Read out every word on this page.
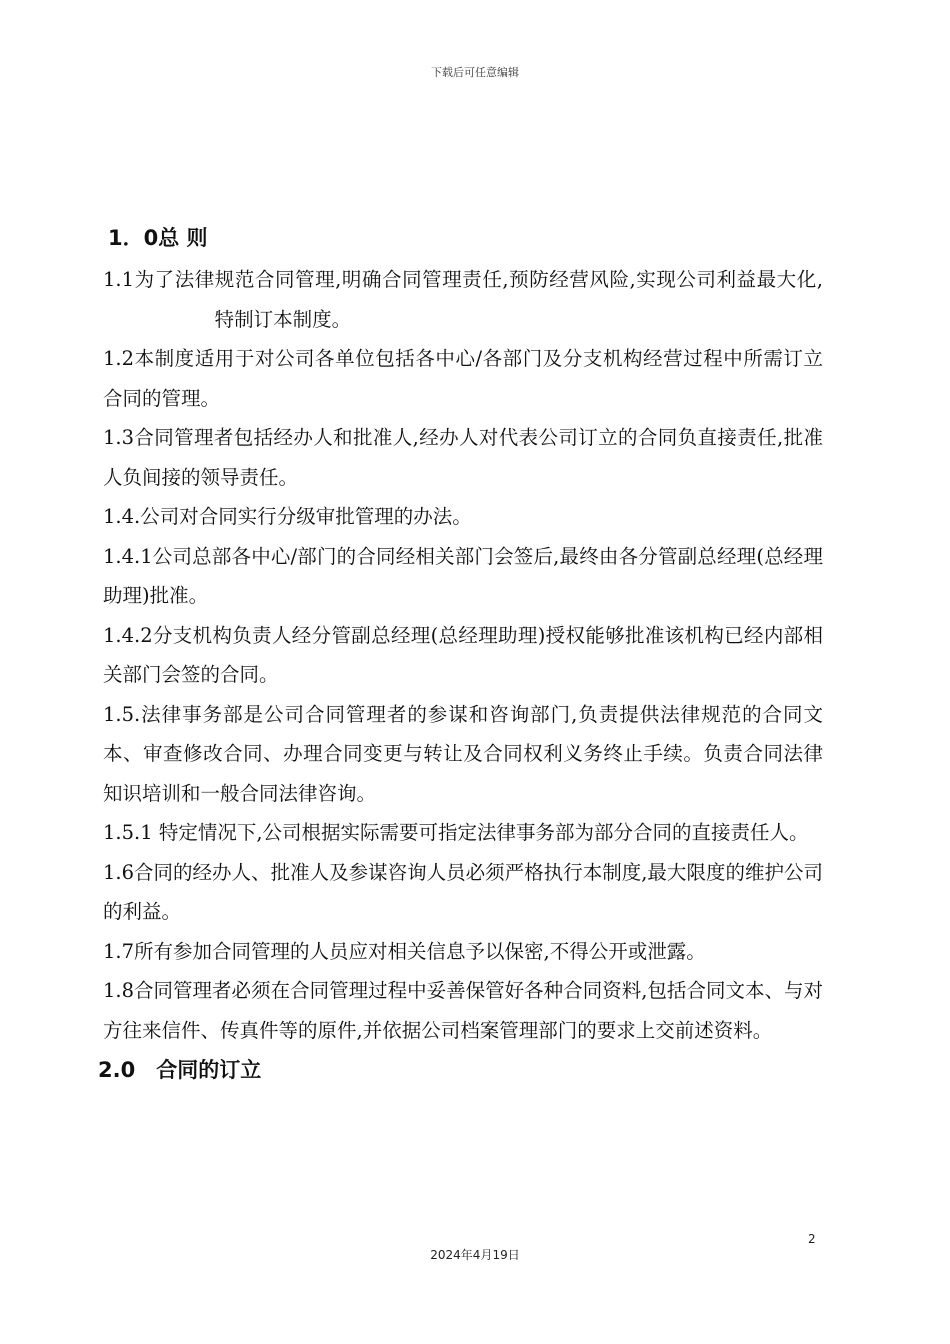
下载后可任意编辑
1．0总 则
1.1为了法律规范合同管理,明确合同管理责任,预防经营风险,实现公司利益最大化,                  特制订本制度。
1.2本制度适用于对公司各单位包括各中心/各部门及分支机构经营过程中所需订立合同的管理。
1.3合同管理者包括经办人和批准人,经办人对代表公司订立的合同负直接责任,批准人负间接的领导责任。
1.4.公司对合同实行分级审批管理的办法。
1.4.1公司总部各中心/部门的合同经相关部门会签后,最终由各分管副总经理(总经理助理)批准。
1.4.2分支机构负责人经分管副总经理(总经理助理)授权能够批准该机构已经内部相关部门会签的合同。
1.5.法律事务部是公司合同管理者的参谋和咨询部门,负责提供法律规范的合同文本、审查修改合同、办理合同变更与转让及合同权利义务终止手续。负责合同法律知识培训和一般合同法律咨询。
1.5.1 特定情况下,公司根据实际需要可指定法律事务部为部分合同的直接责任人。
1.6合同的经办人、批准人及参谋咨询人员必须严格执行本制度,最大限度的维护公司的利益。
1.7所有参加合同管理的人员应对相关信息予以保密,不得公开或泄露。
1.8合同管理者必须在合同管理过程中妥善保管好各种合同资料,包括合同文本、与对方往来信件、传真件等的原件,并依据公司档案管理部门的要求上交前述资料。
2.0　合同的订立
2
2024年4月19日
